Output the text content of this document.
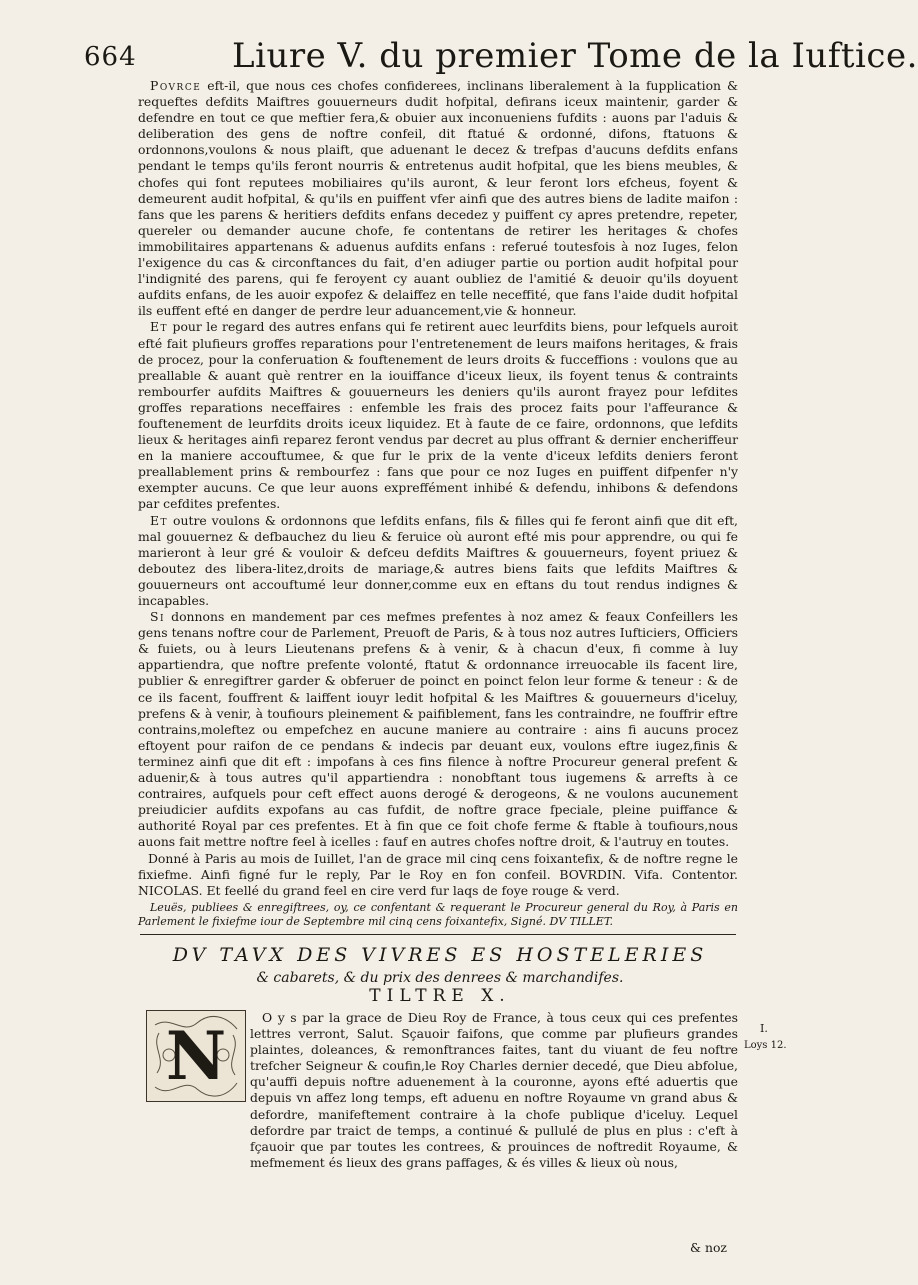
664	Liure V. du premier Tome de la Iuftice.

Povrce eft-il, que nous ces chofes confiderees, inclinans liberalement à la fupplication & requeftes defdits Maiftres gouuerneurs dudit hofpital, defirans iceux maintenir, garder & defendre en tout ce que meftier fera,& obuier aux inconueniens fufdits : auons par l'aduis & deliberation des gens de noftre confeil, dit ftatué & ordonné, difons, ftatuons & ordonnons,voulons & nous plaift, que aduenant le decez & trefpas d'aucuns defdits enfans pendant le temps qu'ils feront nourris & entretenus audit hofpital, que les biens meubles, & chofes qui font reputees mobiliaires qu'ils auront, & leur feront lors efcheus, foyent & demeurent audit hofpital, & qu'ils en puiffent vfer ainfi que des autres biens de ladite maifon : fans que les parens & heritiers defdits enfans decedez y puiffent cy apres pretendre, repeter, quereler ou demander aucune chofe, fe contentans de retirer les heritages & chofes immobilitaires appartenans & aduenus aufdits enfans : referué toutesfois à noz Iuges, felon l'exigence du cas & circonftances du fait, d'en adiuger partie ou portion audit hofpital pour l'indignité des parens, qui fe feroyent cy auant oubliez de l'amitié & deuoir qu'ils doyuent aufdits enfans, de les auoir expofez & delaiffez en telle neceffité, que fans l'aide dudit hofpital ils euffent efté en danger de perdre leur aduancement,vie & honneur.

Et pour le regard des autres enfans qui fe retirent auec leurfdits biens, pour lefquels auroit efté fait plufieurs groffes reparations pour l'entretenement de leurs maifons heritages, & frais de procez, pour la conferuation & fouftenement de leurs droits & fucceffions : voulons que au preallable & auant què rentrer en la iouiffance d'iceux lieux, ils foyent tenus & contraints rembourfer aufdits Maiftres & gouuerneurs les deniers qu'ils auront frayez pour lefdites groffes reparations neceffaires : enfemble les frais des procez faits pour l'affeurance & fouftenement de leurfdits droits iceux liquidez. Et à faute de ce faire, ordonnons, que lefdits lieux & heritages ainfi reparez feront vendus par decret au plus offrant & dernier encheriffeur en la maniere accouftumee, & que fur le prix de la vente d'iceux lefdits deniers feront preallablement prins & rembourfez : fans que pour ce noz Iuges en puiffent difpenfer n'y exempter aucuns. Ce que leur auons expreffément inhibé & defendu, inhibons & defendons par cefdites prefentes.

Et outre voulons & ordonnons que lefdits enfans, fils & filles qui fe feront ainfi que dit eft, mal gouuernez & defbauchez du lieu & feruice où auront efté mis pour apprendre, ou qui fe marieront à leur gré & vouloir & defceu defdits Maiftres & gouuerneurs, foyent priuez & deboutez des libera-litez,droits de mariage,& autres biens faits que lefdits Maiftres & gouuerneurs ont accouftumé leur donner,comme eux en eftans du tout rendus indignes & incapables.

Si donnons en mandement par ces mefmes prefentes à noz amez & feaux Confeillers les gens tenans noftre cour de Parlement, Preuoft de Paris, & à tous noz autres Iufticiers, Officiers & fuiets, ou à leurs Lieutenans prefens & à venir, & à chacun d'eux, fi comme à luy appartiendra, que noftre prefente volonté, ftatut & ordonnance irreuocable ils facent lire, publier & enregiftrer garder & obferuer de poinct en poinct felon leur forme & teneur : & de ce ils facent, fouffrent & laiffent iouyr ledit hofpital & les Maiftres & gouuerneurs d'iceluy, prefens & à venir, à toufiours pleinement & paifiblement, fans les contraindre, ne fouffrir eftre contrains,moleftez ou empefchez en aucune maniere au contraire : ains fi aucuns procez eftoyent pour raifon de ce pendans & indecis par deuant eux, voulons eftre iugez,finis & terminez ainfi que dit eft : impofans à ces fins filence à noftre Procureur general prefent & aduenir,& à tous autres qu'il appartiendra : nonobftant tous iugemens & arrefts à ce contraires, aufquels pour ceft effect auons derogé & derogeons, & ne voulons aucunement preiudicier aufdits expofans au cas fufdit, de noftre grace fpeciale, pleine puiffance & authorité Royal par ces prefentes. Et à fin que ce foit chofe ferme & ftable à toufiours,nous auons fait mettre noftre feel à icelles : fauf en autres chofes noftre droit, & l'autruy en toutes.

Donné à Paris au mois de Iuillet, l'an de grace mil cinq cens foixantefix, & de noftre regne le fixiefme. Ainfi figné fur le reply, Par le Roy en fon confeil. BOVRDIN. Vifa. Contentor. NICOLAS. Et feellé du grand feel en cire verd fur laqs de foye rouge & verd.

Leuës, publiees & enregiftrees, oy, ce confentant & requerant le Procureur general du Roy, à Paris en Parlement le fixiefme iour de Septembre mil cinq cens foixantefix, Signé. DV TILLET.

DV TAVX DES VIVRES ES HOSTELERIES
& cabarets, & du prix des denrees & marchandifes.
TILTRE X.
N	O y s par la grace de Dieu Roy de France, à tous ceux qui ces prefentes lettres verront, Salut. Sçauoir faifons, que comme par plufieurs grandes plaintes, doleances, & remonftrances faites, tant du viuant de feu noftre trefcher Seigneur & coufin,le Roy Charles dernier decedé, que Dieu abfolue, qu'auffi depuis noftre aduenement à la couronne, ayons efté aduertis que depuis vn affez long temps, eft aduenu en noftre Royaume vn grand abus & defordre, manifeftement contraire à la chofe publique d'iceluy. Lequel defordre par traict de temps, a continué & pullulé de plus en plus : c'eft à fçauoir que par toutes les contrees, & prouinces de noftredit Royaume, & mefmement és lieux des grans paffages, & és villes & lieux où nous,

I.
Loys 12.
& noz
